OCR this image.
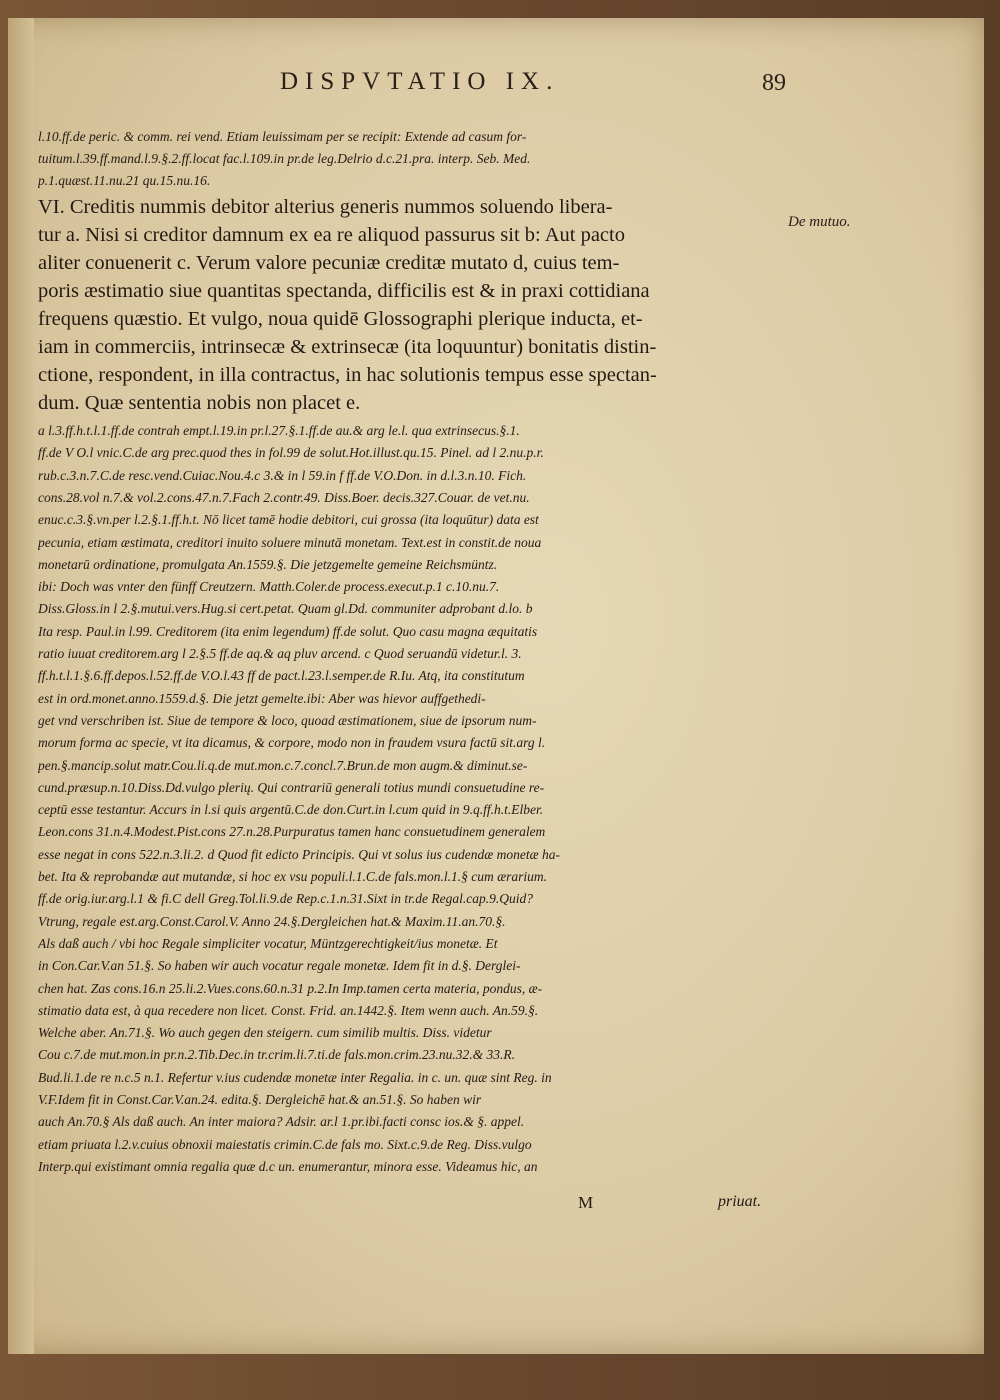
DISPVTATIO IX.	89
De mutuo.
l.10.ff.de peric. & comm. rei vend. Etiam leuissimam per se recipit: Extende ad casum for-
tuitum.l.39.ff.mand.l.9.§.2.ff.locat fac.l.109.in pr.de leg.Delrio d.c.21.pra. interp. Seb. Med.
p.1.quæst.11.nu.21 qu.15.nu.16.
VI. Creditis nummis debitor alterius generis nummos soluendo libera-
tur a. Nisi si creditor damnum ex ea re aliquod passurus sit b: Aut pacto
aliter conuenerit c. Verum valore pecuniæ creditæ mutato d, cuius tem-
poris æstimatio siue quantitas spectanda, difficilis est & in praxi cottidiana
frequens quæstio. Et vulgo, noua quidē Glossographi plerique inducta, et-
iam in commerciis, intrinsecæ & extrinsecæ (ita loquuntur) bonitatis distin-
ctione, respondent, in illa contractus, in hac solutionis tempus esse spectan-
dum. Quæ sententia nobis non placet e.
a l.3.ff.h.t.l.1.ff.de contrah empt.l.19.in pr.l.27.§.1.ff.de au.& arg le.l. qua extrinsecus.§.1.
ff.de V O.l vnic.C.de arg prec.quod thes in fol.99 de solut.Hot.illust.qu.15. Pinel. ad l 2.nu.p.r.
rub.c.3.n.7.C.de resc.vend.Cuiac.Nou.4.c 3.& in l 59.in f ff.de V.O.Don. in d.l.3.n.10. Fich.
cons.28.vol n.7.& vol.2.cons.47.n.7.Fach 2.contr.49. Diss.Boer. decis.327.Couar. de vet.nu.
enuc.c.3.§.vn.per l.2.§.1.ff.h.t. Nō licet tamē hodie debitori, cui grossa (ita loquūtur) data est
pecunia, etiam æstimata, creditori inuito soluere minutā monetam. Text.est in constit.de noua
monetarū ordinatione, promulgata An.1559.§. Die jetzgemelte gemeine Reichsmüntz.
ibi: Doch was vnter den fünff Creutzern. Matth.Coler.de process.execut.p.1 c.10.nu.7.
Diss.Gloss.in l 2.§.mutui.vers.Hug.si cert.petat. Quam gl.Dd. communiter adprobant d.lo. b
Ita resp. Paul.in l.99. Creditorem (ita enim legendum) ff.de solut. Quo casu magna æquitatis
ratio iuuat creditorem.arg l 2.§.5 ff.de aq.& aq pluv arcend. c Quod seruandū videtur.l. 3.
ff.h.t.l.1.§.6.ff.depos.l.52.ff.de V.O.l.43 ff de pact.l.23.l.semper.de R.Iu. Atq, ita constitutum
est in ord.monet.anno.1559.d.§. Die jetzt gemelte.ibi: Aber was hievor auffgethedi-
get vnd verschriben ist. Siue de tempore & loco, quoad æstimationem, siue de ipsorum num-
morum forma ac specie, vt ita dicamus, & corpore, modo non in fraudem vsura factū sit.arg l.
pen.§.mancip.solut matr.Cou.li.q.de mut.mon.c.7.concl.7.Brun.de mon augm.& diminut.se-
cund.præsup.n.10.Diss.Dd.vulgo plerių. Qui contrariū generali totius mundi consuetudine re-
ceptū esse testantur. Accurs in l.si quis argentū.C.de don.Curt.in l.cum quid in 9.q.ff.h.t.Elber.
Leon.cons 31.n.4.Modest.Pist.cons 27.n.28.Purpuratus tamen hanc consuetudinem generalem
esse negat in cons 522.n.3.li.2. d Quod fit edicto Principis. Qui vt solus ius cudendæ monetæ ha-
bet. Ita & reprobandæ aut mutandæ, si hoc ex vsu populi.l.1.C.de fals.mon.l.1.§ cum ærarium.
ff.de orig.iur.arg.l.1 & fi.C dell Greg.Tol.li.9.de Rep.c.1.n.31.Sixt in tr.de Regal.cap.9.Quid?
Vtrung, regale est.arg.Const.Carol.V. Anno 24.§.Dergleichen hat.& Maxim.11.an.70.§.
Als daß auch / vbi hoc Regale simpliciter vocatur, Müntzgerechtigkeit/ius monetæ. Et
in Con.Car.V.an 51.§. So haben wir auch vocatur regale monetæ. Idem fit in d.§. Derglei-
chen hat. Zas cons.16.n 25.li.2.Vues.cons.60.n.31 p.2.In Imp.tamen certa materia, pondus, æ-
stimatio data est, à qua recedere non licet. Const. Frid. an.1442.§. Item wenn auch. An.59.§.
Welche aber. An.71.§. Wo auch gegen den steigern. cum similib multis. Diss. videtur
Cou c.7.de mut.mon.in pr.n.2.Tib.Dec.in tr.crim.li.7.ti.de fals.mon.crim.23.nu.32.& 33.R.
Bud.li.1.de re n.c.5 n.1. Refertur v.ius cudendæ monetæ inter Regalia. in c. un. quæ sint Reg. in
V.F.Idem fit in Const.Car.V.an.24. edita.§. Dergleichē hat.& an.51.§. So haben wir
auch An.70.§ Als daß auch. An inter maiora? Adsir. ar.l 1.pr.ibi.facti consc ios.& §. appel.
etiam priuata l.2.v.cuius obnoxii maiestatis crimin.C.de fals mo. Sixt.c.9.de Reg. Diss.vulgo
Interp.qui existimant omnia regalia quæ d.c un. enumerantur, minora esse. Videamus hic, an
M	priuat.
